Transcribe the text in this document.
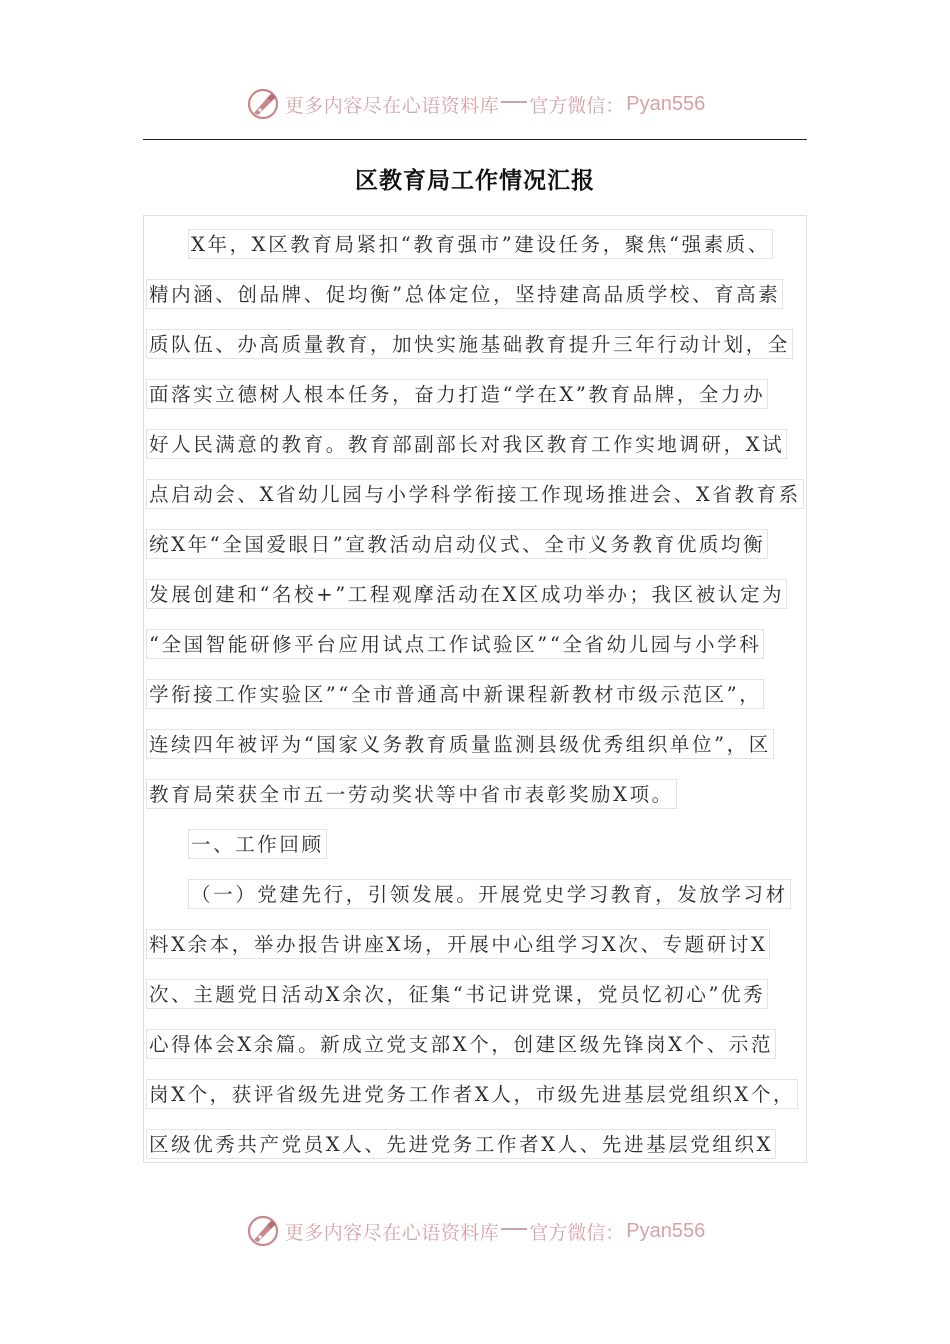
更多内容尽在心语资料库 官方微信： Pyan556
区教育局工作情况汇报
X年，X区教育局紧扣“教育强市”建设任务，聚焦“强素质、
精内涵、创品牌、促均衡”总体定位，坚持建高品质学校、育高素
质队伍、办高质量教育，加快实施基础教育提升三年行动计划，全
面落实立德树人根本任务，奋力打造“学在X”教育品牌，全力办
好人民满意的教育。教育部副部长对我区教育工作实地调研，X试
点启动会、X省幼儿园与小学科学衔接工作现场推进会、X省教育系
统X年“全国爱眼日”宣教活动启动仪式、全市义务教育优质均衡
发展创建和“名校+”工程观摩活动在X区成功举办；我区被认定为
“全国智能研修平台应用试点工作试验区”“全省幼儿园与小学科
学衔接工作实验区”“全市普通高中新课程新教材市级示范区”，
连续四年被评为“国家义务教育质量监测县级优秀组织单位”，区
教育局荣获全市五一劳动奖状等中省市表彰奖励X项。
一、工作回顾
（一）党建先行，引领发展。开展党史学习教育，发放学习材
料X余本，举办报告讲座X场，开展中心组学习X次、专题研讨X
次、主题党日活动X余次，征集“书记讲党课，党员忆初心”优秀
心得体会X余篇。新成立党支部X个，创建区级先锋岗X个、示范
岗X个，获评省级先进党务工作者X人，市级先进基层党组织X个，
区级优秀共产党员X人、先进党务工作者X人、先进基层党组织X
更多内容尽在心语资料库 官方微信： Pyan556
